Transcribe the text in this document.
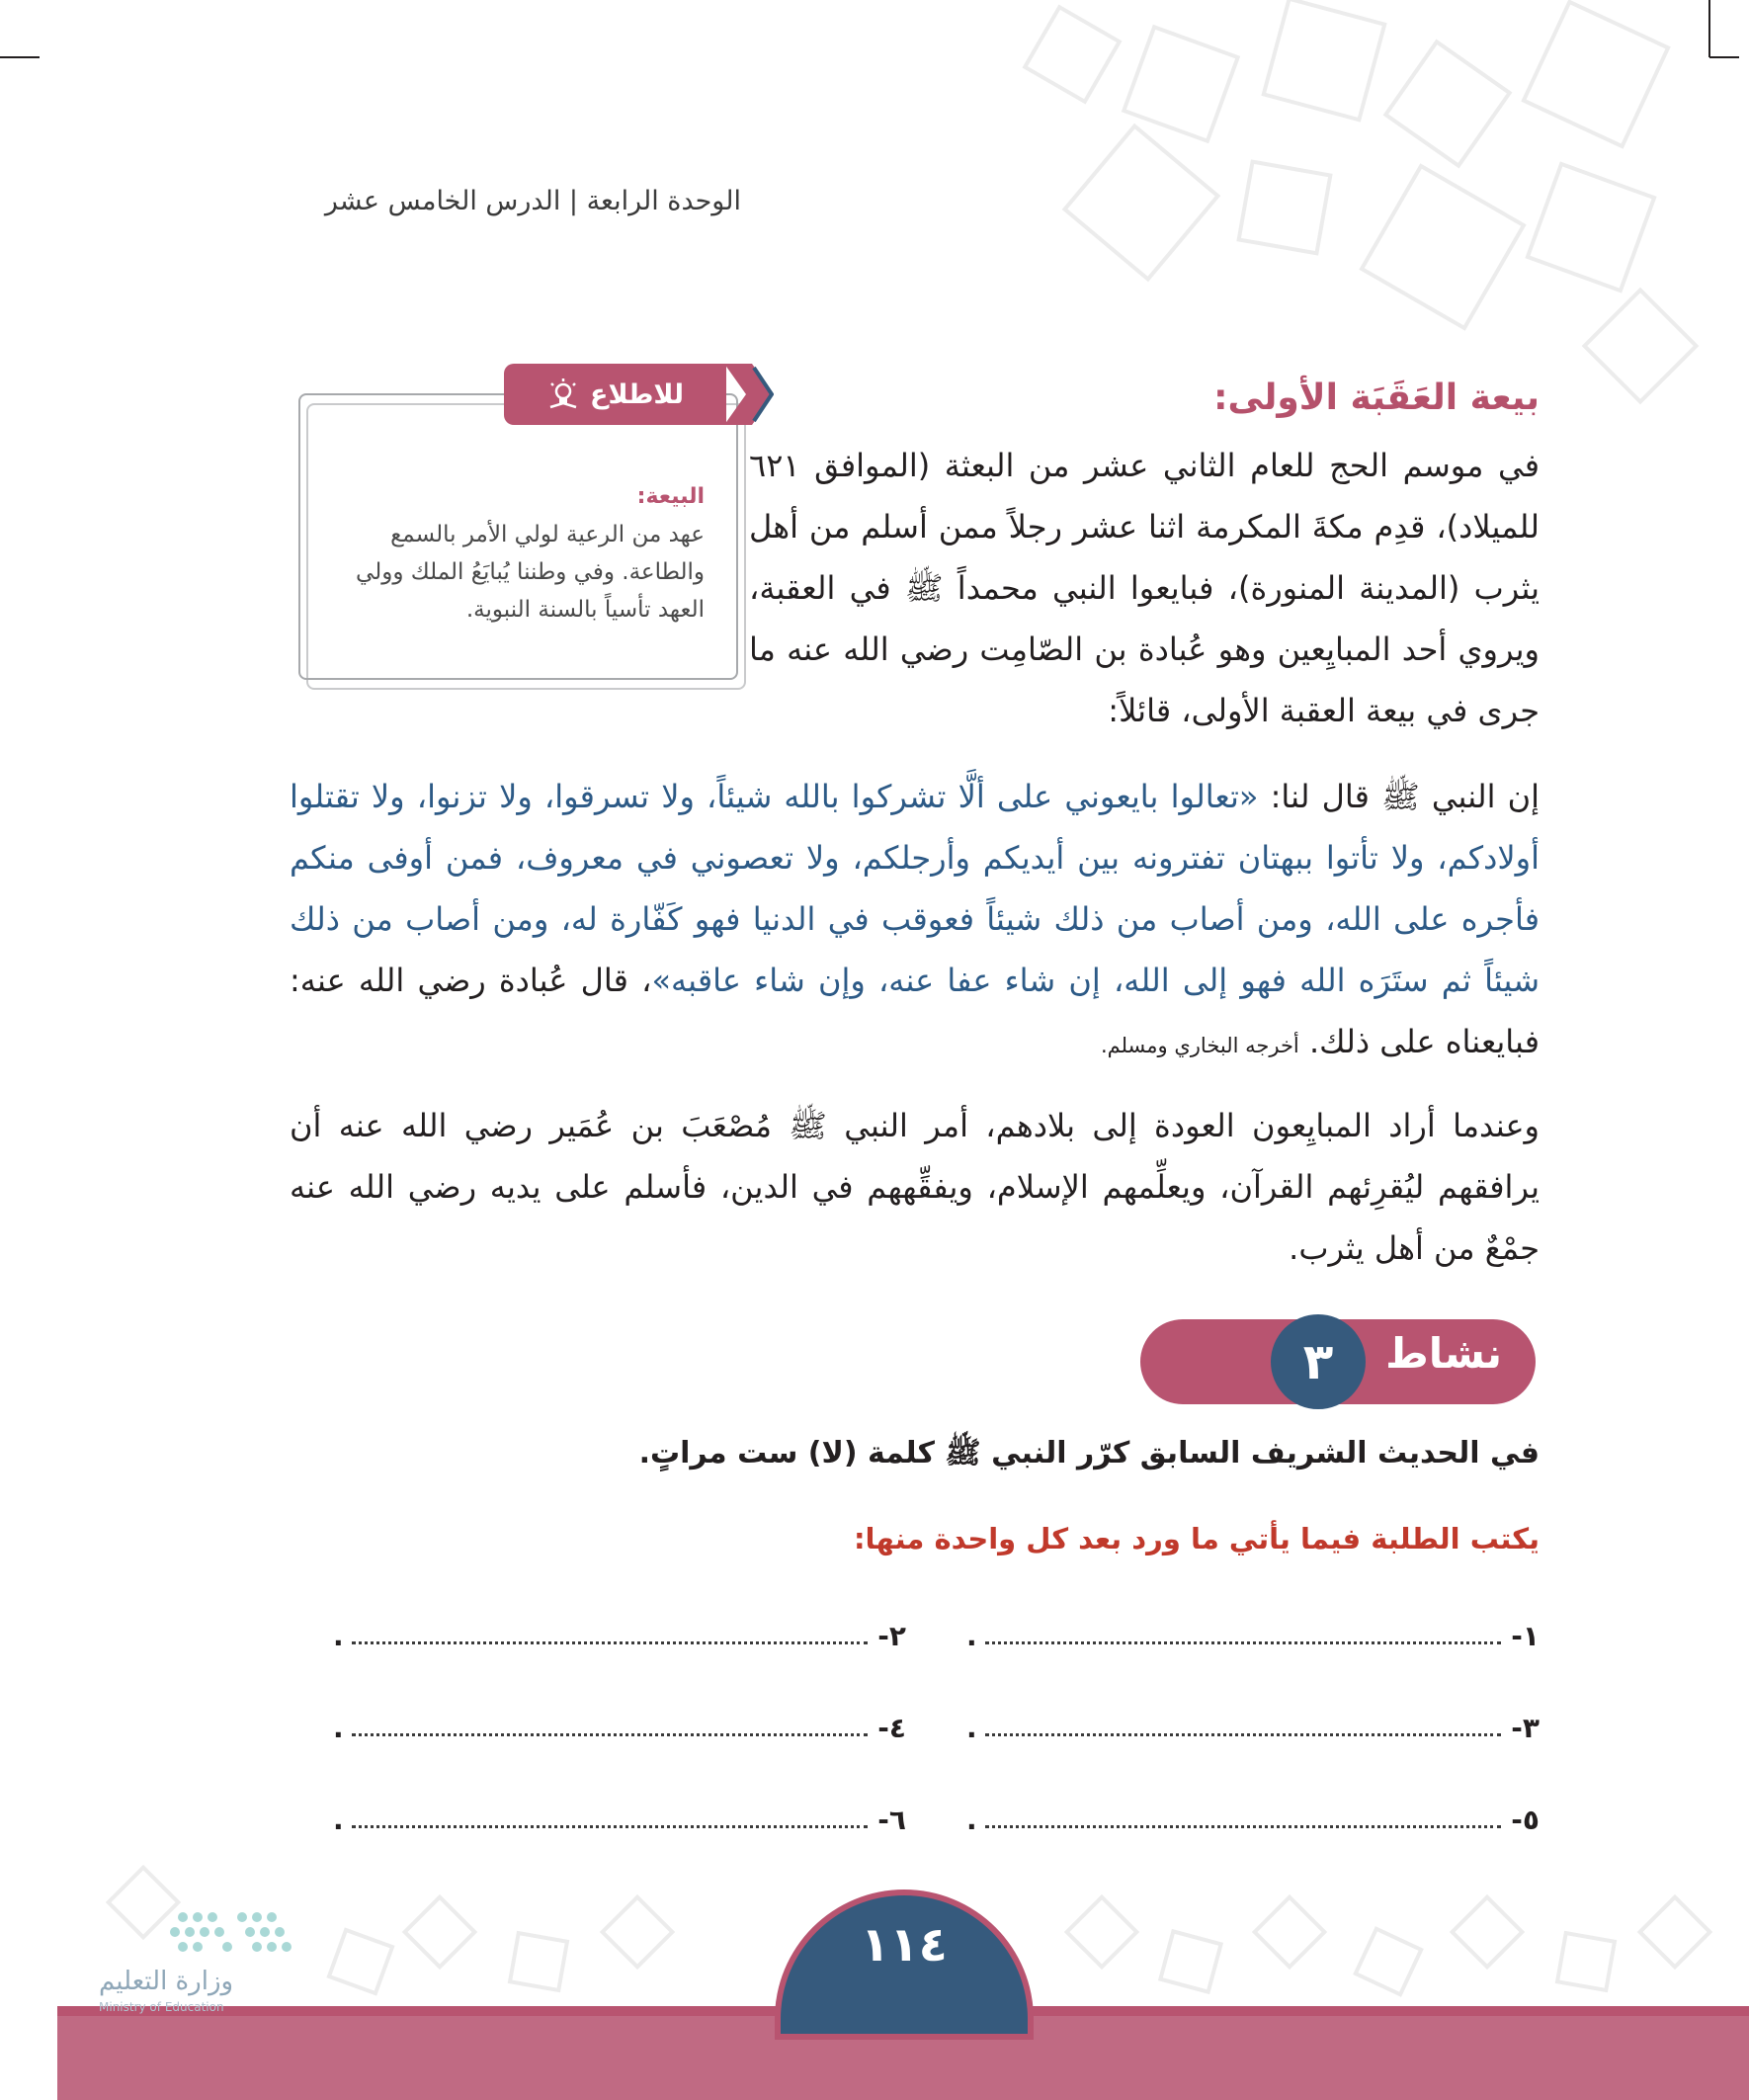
الوحدة الرابعة | الدرس الخامس عشر
بيعة العَقَبَة الأولى:
في موسم الحج للعام الثاني عشر من البعثة (الموافق ٦٢١ للميلاد)، قدِم مكةَ المكرمة اثنا عشر رجلاً ممن أسلم من أهل يثرب (المدينة المنورة)، فبايعوا النبي محمداً ﷺ في العقبة، ويروي أحد المبايِعين وهو عُبادة بن الصّامِت رضي الله عنه ما جرى في بيعة العقبة الأولى، قائلاً:
للاطلاع
البيعة:
عهد من الرعية لولي الأمر بالسمع والطاعة. وفي وطننا يُبايَعُ الملك وولي العهد تأسياً بالسنة النبوية.
إن النبي ﷺ قال لنا: «تعالوا بايعوني على ألَّا تشركوا بالله شيئاً، ولا تسرقوا، ولا تزنوا، ولا تقتلوا أولادكم، ولا تأتوا ببهتان تفترونه بين أيديكم وأرجلكم، ولا تعصوني في معروف، فمن أوفى منكم فأجره على الله، ومن أصاب من ذلك شيئاً فعوقب في الدنيا فهو كَفّارة له، ومن أصاب من ذلك شيئاً ثم ستَرَه الله فهو إلى الله، إن شاء عفا عنه، وإن شاء عاقبه»، قال عُبادة رضي الله عنه: فبايعناه على ذلك. أخرجه البخاري ومسلم.
وعندما أراد المبايِعون العودة إلى بلادهم، أمر النبي ﷺ مُصْعَبَ بن عُمَير رضي الله عنه أن يرافقهم ليُقرِئهم القرآن، ويعلِّمهم الإسلام، ويفقِّههم في الدين، فأسلم على يديه رضي الله عنه جمْعٌ من أهل يثرب.
نشاط
٣
في الحديث الشريف السابق كرّر النبي ﷺ كلمة (لا) ست مراتٍ.
يكتب الطلبة فيما يأتي ما ورد بعد كل واحدة منها:
١-
.
٢-
.
٣-
.
٤-
.
٥-
.
٦-
.
١١٤
وزارة التعليم
Ministry of Education
